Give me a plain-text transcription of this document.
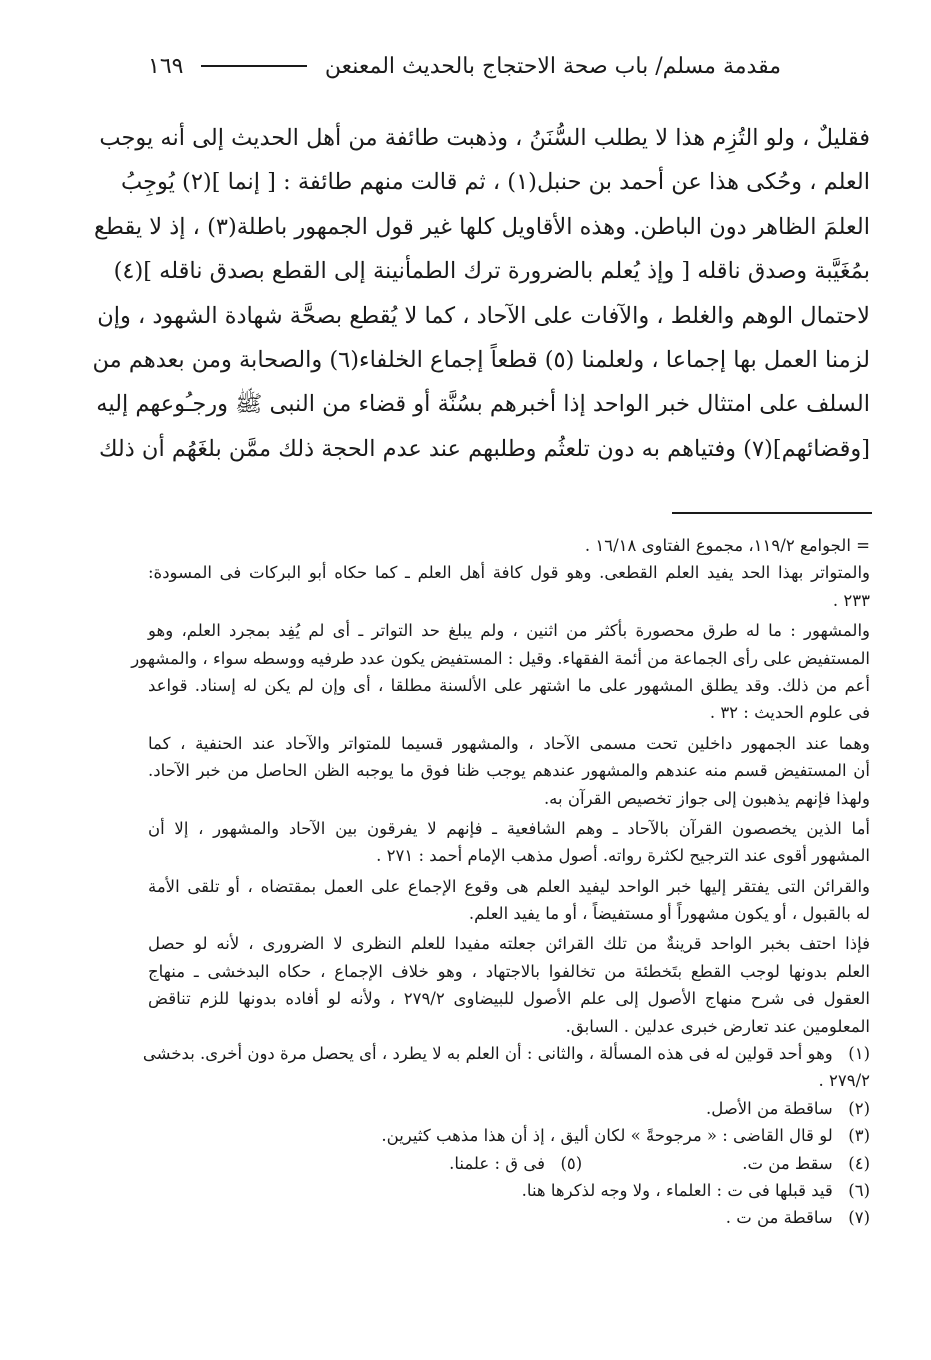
مقدمة مسلم/ باب صحة الاحتجاج بالحديث المعنعن
١٦٩
فقليلٌ ، ولو التُزِم هذا لا يطلب السُّنَنُ ، وذهبت طائفة من أهل الحديث إلى أنه يوجب
العلم ، وحُكى هذا عن أحمد بن حنبل(١) ، ثم قالت منهم طائفة : [ إنما ](٢) يُوجِبُ
العلمَ الظاهر دون الباطن. وهذه الأقاويل كلها غير قول الجمهور باطلة(٣) ، إذ لا يقطع
بمُغَيَّبة وصدق ناقله [ وإذ يُعلم بالضرورة ترك الطمأنينة إلى القطع بصدق ناقله ](٤)
لاحتمال الوهم والغلط ، والآفات على الآحاد ، كما لا يُقطع بصحَّة شهادة الشهود ، وإن
لزمنا العمل بها إجماعا ، ولعلمنا (٥) قطعاً إجماع الخلفاء(٦) والصحابة ومن بعدهم من
السلف على امتثال خبر الواحد إذا أخبرهم بسُنَّة أو قضاء من النبى ﷺ ورجـُوعهم إليه
[وقضائهم](٧) وفتياهم به دون تلعثُم وطلبهم عند عدم الحجة ذلك ممَّن بلغَهُم أن ذلك
= الجوامع ١١٩/٢، مجموع الفتاوى ١٦/١٨ .
والمتواتر بهذا الحد يفيد العلم القطعى. وهو قول كافة أهل العلم ـ كما حكاه أبو البركات فى المسودة:
٢٣٣ .
والمشهور : ما له طرق محصورة بأكثر من اثنين ، ولم يبلغ حد التواتر ـ أى لم يُفِد بمجرد العلم، وهو
المستفيض على رأى الجماعة من أئمة الفقهاء. وقيل : المستفيض يكون عدد طرفيه ووسطه سواء ، والمشهور
أعم من ذلك. وقد يطلق المشهور على ما اشتهر على الألسنة مطلقا ، أى وإن لم يكن له إسناد. قواعد
فى علوم الحديث : ٣٢ .
وهما عند الجمهور داخلين تحت مسمى الآحاد ، والمشهور قسيما للمتواتر والآحاد عند الحنفية ، كما
أن المستفيض قسم منه عندهم والمشهور عندهم يوجب ظنا فوق ما يوجبه الظن الحاصل من خبر الآحاد.
ولهذا فإنهم يذهبون إلى جواز تخصيص القرآن به.
أما الذين يخصصون القرآن بالآحاد ـ وهم الشافعية ـ فإنهم لا يفرقون بين الآحاد والمشهور ، إلا أن
المشهور أقوى عند الترجيح لكثرة رواته. أصول مذهب الإمام أحمد : ٢٧١ .
والقرائن التى يفتقر إليها خبر الواحد ليفيد العلم هى وقوع الإجماع على العمل بمقتضاه ، أو تلقى الأمة
له بالقبول ، أو يكون مشهوراً أو مستفيضاً ، أو ما يفيد العلم.
فإذا احتف بخبر الواحد قرينةٌ من تلك القرائن جعلته مفيدا للعلم النظرى لا الضرورى ، لأنه لو حصل
العلم بدونها لوجب القطع بتَخطئة من تخالفوا بالاجتهاد ، وهو خلاف الإجماع ، حكاه البدخشى ـ منهاج
العقول فى شرح منهاج الأصول إلى علم الأصول للبيضاوى ٢٧٩/٢ ، ولأنه لو أفاده بدونها للزم تناقض
المعلومين عند تعارض خبرى عدلين . السابق.
(١) وهو أحد قولين له فى هذه المسألة ، والثانى : أن العلم به لا يطرد ، أى يحصل مرة دون أخرى. بدخشى
٢٧٩/٢ .
(٢) ساقطة من الأصل.
(٣) لو قال القاضى : « مرجوحةً » لكان أليق ، إذ أن هذا مذهب كثيرين.
(٤) سقط من ت.
(٥) فى ق : علمنا.
(٦) قيد قبلها فى ت : العلماء ، ولا وجه لذكرها هنا.
(٧) ساقطة من ت .
